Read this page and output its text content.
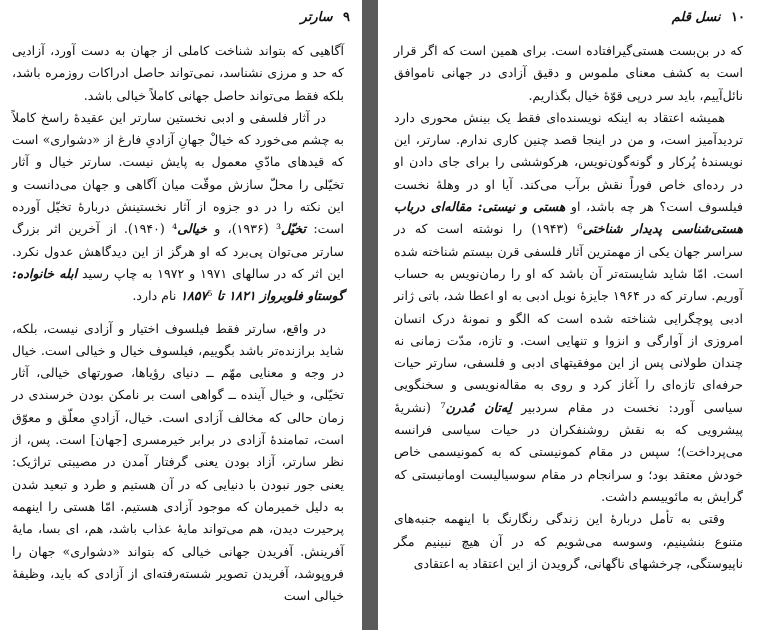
۹ سارتر

آگاهیی که بتواند شناخت کاملی از جهان به دست آورد، آزادیی که حد و مرزی نشناسد، نمی‌تواند حاصل ادراکات روزمره باشد، بلکه فقط می‌تواند حاصل جهانی کاملاً خیالی باشد.

در آثار فلسفی و ادبی نخستین سارتر این عقیدهٔ راسخ کاملاً به چشم می‌خورد که خیالْ جهانِ آزادیِ فارغ از «دشواری» است که قیدهای مادّیِ معمول به پایش نیست. سارتر خیال و آثار تخیّلی را محلّ سازش موقّت میان آگاهی و جهان می‌دانست و این نکته را در دو جزوه از آثار نخستینش دربارهٔ تخیّل آورده است: تخیّل³ (۱۹۳۶)، و خیالی⁴ (۱۹۴۰). از آخرین اثر بزرگ سارتر می‌توان پی‌برد که او هرگز از این دیدگاهش عدول نکرد. این اثر که در سالهای ۱۹۷۱ و ۱۹۷۲ به چاپ رسید ابله خانواده: گوستاو فلوبرواز ۱۸۲۱ تا ۱۸۵۷⁵ نام دارد.

در واقع، سارتر فقط فیلسوف اختیار و آزادی نیست، بلکه، شاید برازنده‌تر باشد بگوییم، فیلسوف خیال و خیالی است. خیال در وجه و معنایی مهّم ــ دنیای رؤیاها، صورتهای خیالی، آثار تخیّلی، و خیال آینده ــ گواهی است بر نامکن بودن خرسندی در زمان حالی که مخالف آزادی است. خیال، آزادیِ معلّق و معوّق است، تمامندهٔ آزادی در برابر خیرمسری [جهان] است. پس، از نظر سارتر، آزاد بودن یعنی گرفتار آمدن در مصیبتی تراژیک: یعنی جور نبودن با دنیایی که در آن هستیم و طرد و تبعید شدن به دلیل خمیرمان که موجود آزادی هستیم. امّا هستی را اینهمه پرحیرت دیدن، هم می‌تواند مایهٔ عذاب باشد، هم، ای بسا، مایهٔ آفرینش. آفریدن جهانی خیالی که بتواند «دشواری» جهان را فروپوشد، آفریدن تصویر شسته‌رفته‌ای از آزادی که باید، وظیفهٔ خیالی است

۱۰ نسل قلم

که در بن‌بست هستی‌گیرافتاده است. برای همین است که اگر قرار است به کشف معنای ملموس و دقیق آزادی در جهانی ناموافق نائل‌آییم، باید سر درپی قوّهٔ خیال بگذاریم.

همیشه اعتقاد به اینکه نویسنده‌ای فقط یک بینش محوری دارد تردیدآمیز است، و من در اینجا قصد چنین کاری ندارم. سارتر، این نویسندهٔ پُرکار و گونه‌گون‌نویس، هرکوششی را برای جای دادن او در رده‌ای خاص فوراً نقش برآب می‌کند. آیا او در وهلهٔ نخست فیلسوف است؟ هر چه باشد، او هستی و نیستی: مقاله‌ای درباب هستی‌شناسی پدیدار شناختی⁶ (۱۹۴۳) را نوشته است که در سراسر جهان یکی از مهمترین آثار فلسفی قرن بیستم شناخته شده است. امّا شاید شایسته‌تر آن باشد که او را رمان‌نویس به حساب آوریم. سارتر که در ۱۹۶۴ جایزهٔ نوبل ادبی به او اعطا شد، باتی ژانر ادبی پوچگرایی شناخته شده است که الگو و نمونهٔ درک انسان امروزی از آوارگی و انزوا و تنهایی است. و تازه، مدّت زمانی نه چندان طولانی پس از این موفقیتهای ادبی و فلسفی، سارتر حیات حرفه‌ای تازه‌ای را آغاز کرد و روی به مقاله‌نویسی و سخنگویی سیاسی آورد: نخست در مقام سردبیر لِه‌تان مُدرن⁷ (نشریهٔ پیشرویی که به نقش روشنفکران در حیات سیاسی فرانسه می‌پرداخت)؛ سپس در مقام کمونیستی که به کمونیسمی خاص خودش معتقد بود؛ و سرانجام در مقام سوسیالیست اومانیستی که گرایش به مائوییسم داشت.

وقتی به تأمل دربارهٔ این زندگی رنگارنگ با اینهمه جنبه‌های متنوع بنشینیم، وسوسه می‌شویم که در آن هیچ نبینیم مگر ناپیوستگی، چرخشهای ناگهانی، گرویدن از این اعتقاد به اعتقادی
